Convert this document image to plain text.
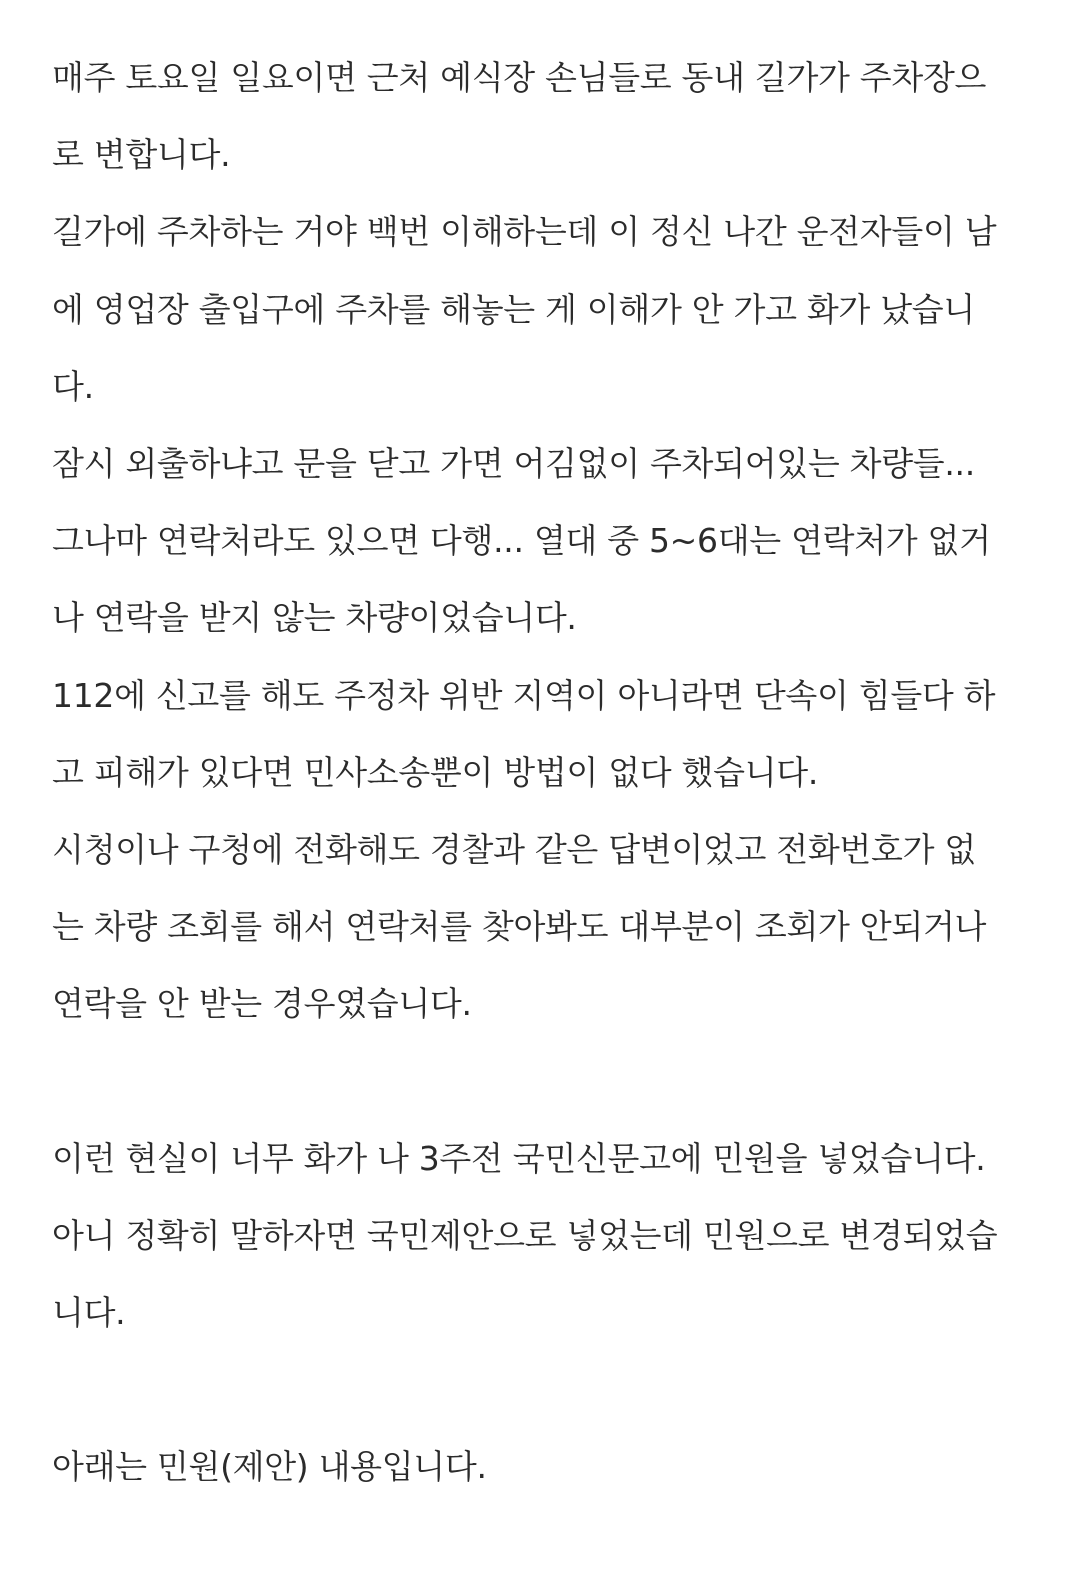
매주 토요일 일요이면 근처 예식장 손님들로 동내 길가가 주차장으

로 변합니다.

길가에 주차하는 거야 백번 이해하는데 이 정신 나간 운전자들이 남

에 영업장 출입구에 주차를 해놓는 게 이해가 안 가고 화가 났습니

다.

잠시 외출하냐고 문을 닫고 가면 어김없이 주차되어있는 차량들...

그나마 연락처라도 있으면 다행... 열대 중 5~6대는 연락처가 없거

나 연락을 받지 않는 차량이었습니다.

112에 신고를 해도 주정차 위반 지역이 아니라면 단속이 힘들다 하

고 피해가 있다면 민사소송뿐이 방법이 없다 했습니다.

시청이나 구청에 전화해도 경찰과 같은 답변이었고 전화번호가 없

는 차량 조회를 해서 연락처를 찾아봐도 대부분이 조회가 안되거나

연락을 안 받는 경우였습니다.

이런 현실이 너무 화가 나 3주전 국민신문고에 민원을 넣었습니다.

아니 정확히 말하자면 국민제안으로 넣었는데 민원으로 변경되었습

니다.

아래는 민원(제안) 내용입니다.
